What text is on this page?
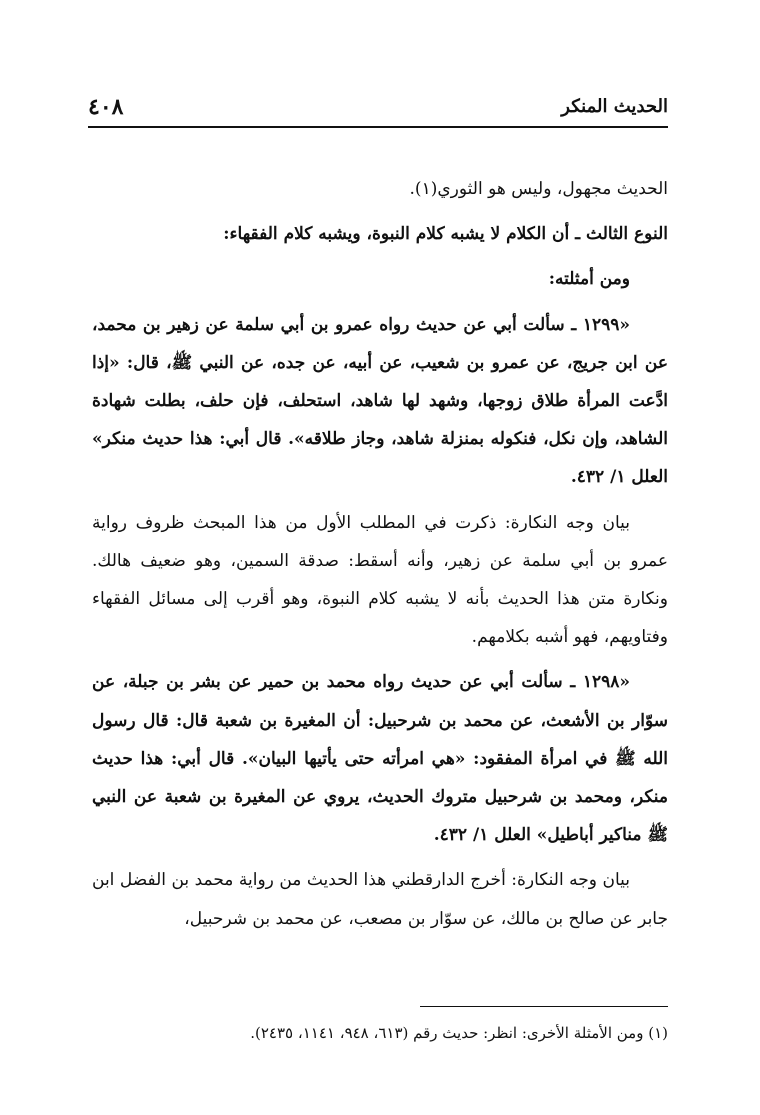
الحديث المنكر
٤٠٨

الحديث مجهول، وليس هو الثوري(١).

النوع الثالث ـ أن الكلام لا يشبه كلام النبوة، ويشبه كلام الفقهاء:

ومن أمثلته:

«١٢٩٩ ـ سألت أبي عن حديث رواه عمرو بن أبي سلمة عن زهير بن محمد، عن ابن جريج، عن عمرو بن شعيب، عن أبيه، عن جده، عن النبي ﷺ، قال: «إذا ادَّعت المرأة طلاق زوجها، وشهد لها شاهد، استحلف، فإن حلف، بطلت شهادة الشاهد، وإن نكل، فنكوله بمنزلة شاهد، وجاز طلاقه». قال أبي: هذا حديث منكر» العلل ١/ ٤٣٢.

بيان وجه النكارة: ذكرت في المطلب الأول من هذا المبحث ظروف رواية عمرو بن أبي سلمة عن زهير، وأنه أسقط: صدقة السمين، وهو ضعيف هالك. ونكارة متن هذا الحديث بأنه لا يشبه كلام النبوة، وهو أقرب إلى مسائل الفقهاء وفتاويهم، فهو أشبه بكلامهم.

«١٢٩٨ ـ سألت أبي عن حديث رواه محمد بن حمير عن بشر بن جبلة، عن سوّار بن الأشعث، عن محمد بن شرحبيل: أن المغيرة بن شعبة قال: قال رسول الله ﷺ في امرأة المفقود: «هي امرأته حتى يأتيها البيان». قال أبي: هذا حديث منكر، ومحمد بن شرحبيل متروك الحديث، يروي عن المغيرة بن شعبة عن النبي ﷺ مناكير أباطيل» العلل ١/ ٤٣٢.

بيان وجه النكارة: أخرج الدارقطني هذا الحديث من رواية محمد بن الفضل ابن جابر عن صالح بن مالك، عن سوّار بن مصعب، عن محمد بن شرحبيل،

(١) ومن الأمثلة الأخرى: انظر: حديث رقم (٦١٣، ٩٤٨، ١١٤١، ٢٤٣٥).
